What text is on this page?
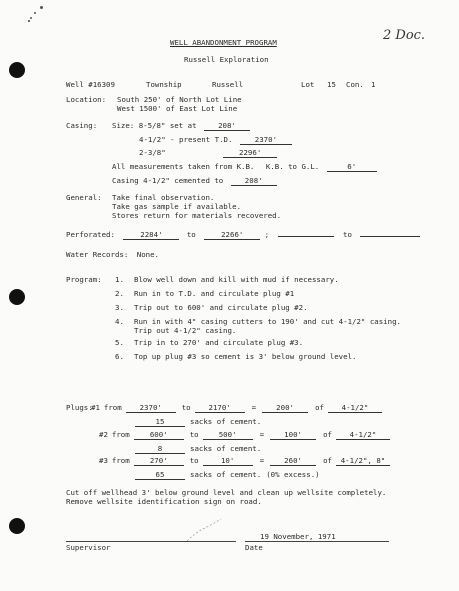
2 Doc.
WELL ABANDONMENT PROGRAM
Russell Exploration
Well #16309	Township	Russell	Lot 15 Con. 1
Location: South 250' of North Lot Line
West 1500' of East Lot Line
Casing: Size: 8-5/8" set at	208'
4-1/2" - present T.D.	2370'
2-3/8"	2296'
All measurements taken from K.B. K.B. to G.L.	6'
Casing 4-1/2" cemented to	208'
General: Take final observation.
Take gas sample if available.
Stores return for materials recovered.
Perforated:	2284'	to	2266'	;	to
Water Records: None.
Program: 1. Blow well down and kill with mud if necessary.
2. Run in to T.D. and circulate plug #1
3. Trip out to 600' and circulate plug #2.
4. Run in with 4" casing cutters to 190' and cut 4-1/2" casing.
Trip out 4-1/2" casing.
5. Trip in to 270' and circulate plug #3.
6. Top up plug #3 so cement is 3' below ground level.
Plugs:
#1 from 2370'	to 2170'	=	200'	of 4-1/2"
15	sacks of cement.
#2 from	600'	to	500'	=	100'	of 4-1/2"
8	sacks of cement.
#3 from	270'	to	10'	=	260'	of 4-1/2", 8"
65	sacks of cement. (0% excess.)
Cut off wellhead 3' below ground level and clean up wellsite completely.
Remove wellsite identification sign on road.
Supervisor
19 November, 1971
Date
